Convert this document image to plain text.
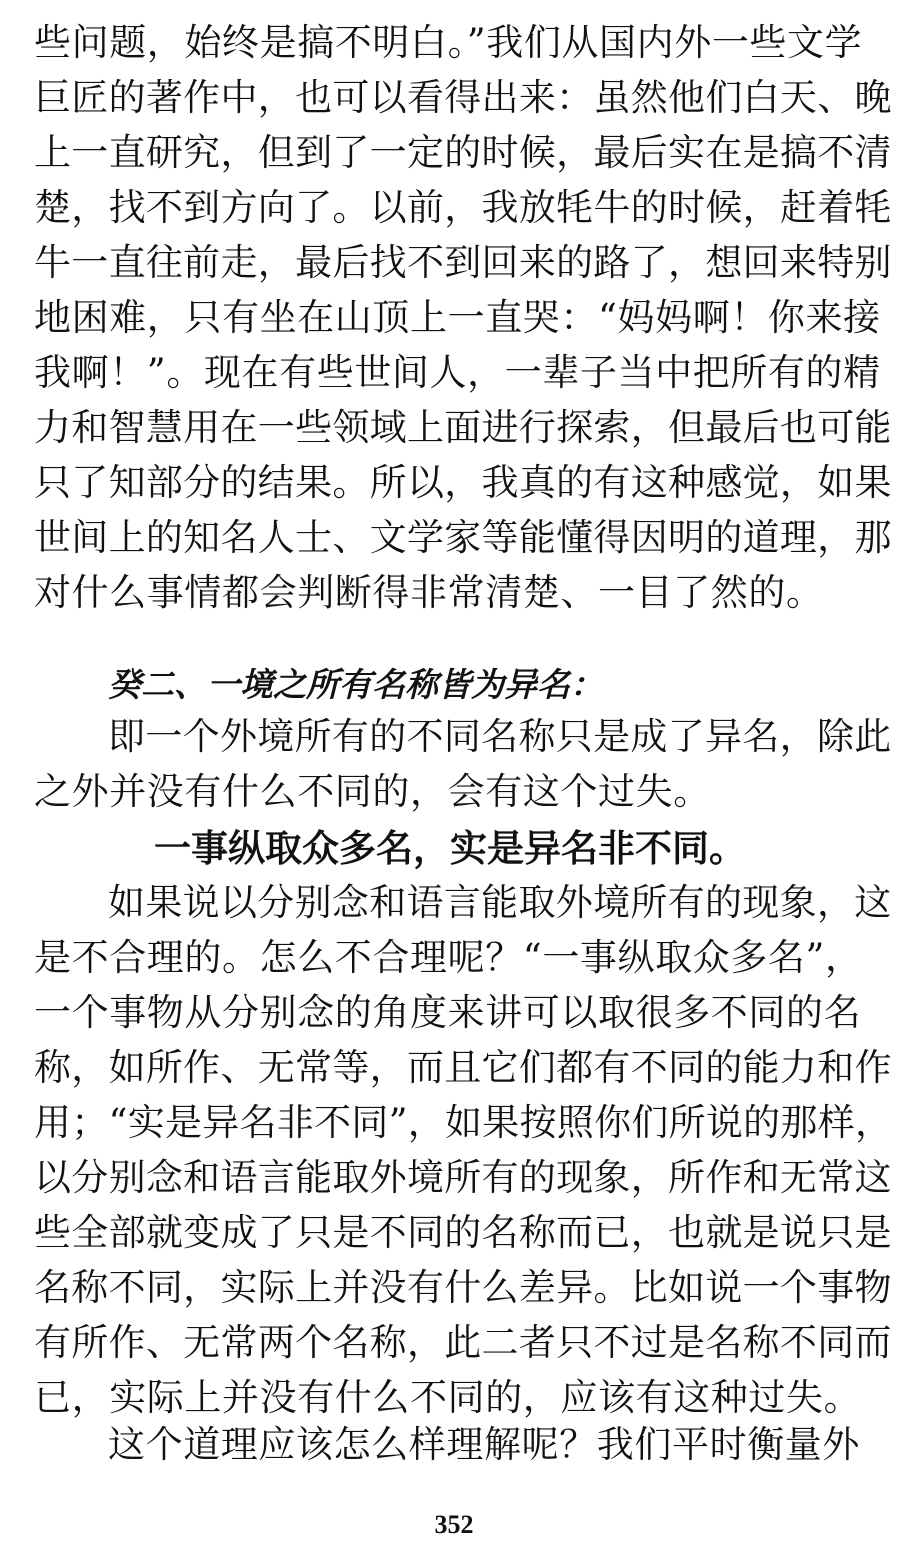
些问题，始终是搞不明白。”我们从国内外一些文学
巨匠的著作中，也可以看得出来：虽然他们白天、晚
上一直研究，但到了一定的时候，最后实在是搞不清
楚，找不到方向了。以前，我放牦牛的时候，赶着牦
牛一直往前走，最后找不到回来的路了，想回来特别
地困难，只有坐在山顶上一直哭：“妈妈啊！你来接
我啊！”。现在有些世间人，一辈子当中把所有的精
力和智慧用在一些领域上面进行探索，但最后也可能
只了知部分的结果。所以，我真的有这种感觉，如果
世间上的知名人士、文学家等能懂得因明的道理，那
对什么事情都会判断得非常清楚、一目了然的。
癸二、一境之所有名称皆为异名：
即一个外境所有的不同名称只是成了异名，除此
之外并没有什么不同的，会有这个过失。
一事纵取众多名，实是异名非不同。
如果说以分别念和语言能取外境所有的现象，这
是不合理的。怎么不合理呢？“一事纵取众多名”，
一个事物从分别念的角度来讲可以取很多不同的名
称，如所作、无常等，而且它们都有不同的能力和作
用；“实是异名非不同”，如果按照你们所说的那样，
以分别念和语言能取外境所有的现象，所作和无常这
些全部就变成了只是不同的名称而已，也就是说只是
名称不同，实际上并没有什么差异。比如说一个事物
有所作、无常两个名称，此二者只不过是名称不同而
已，实际上并没有什么不同的，应该有这种过失。
这个道理应该怎么样理解呢？我们平时衡量外
352
